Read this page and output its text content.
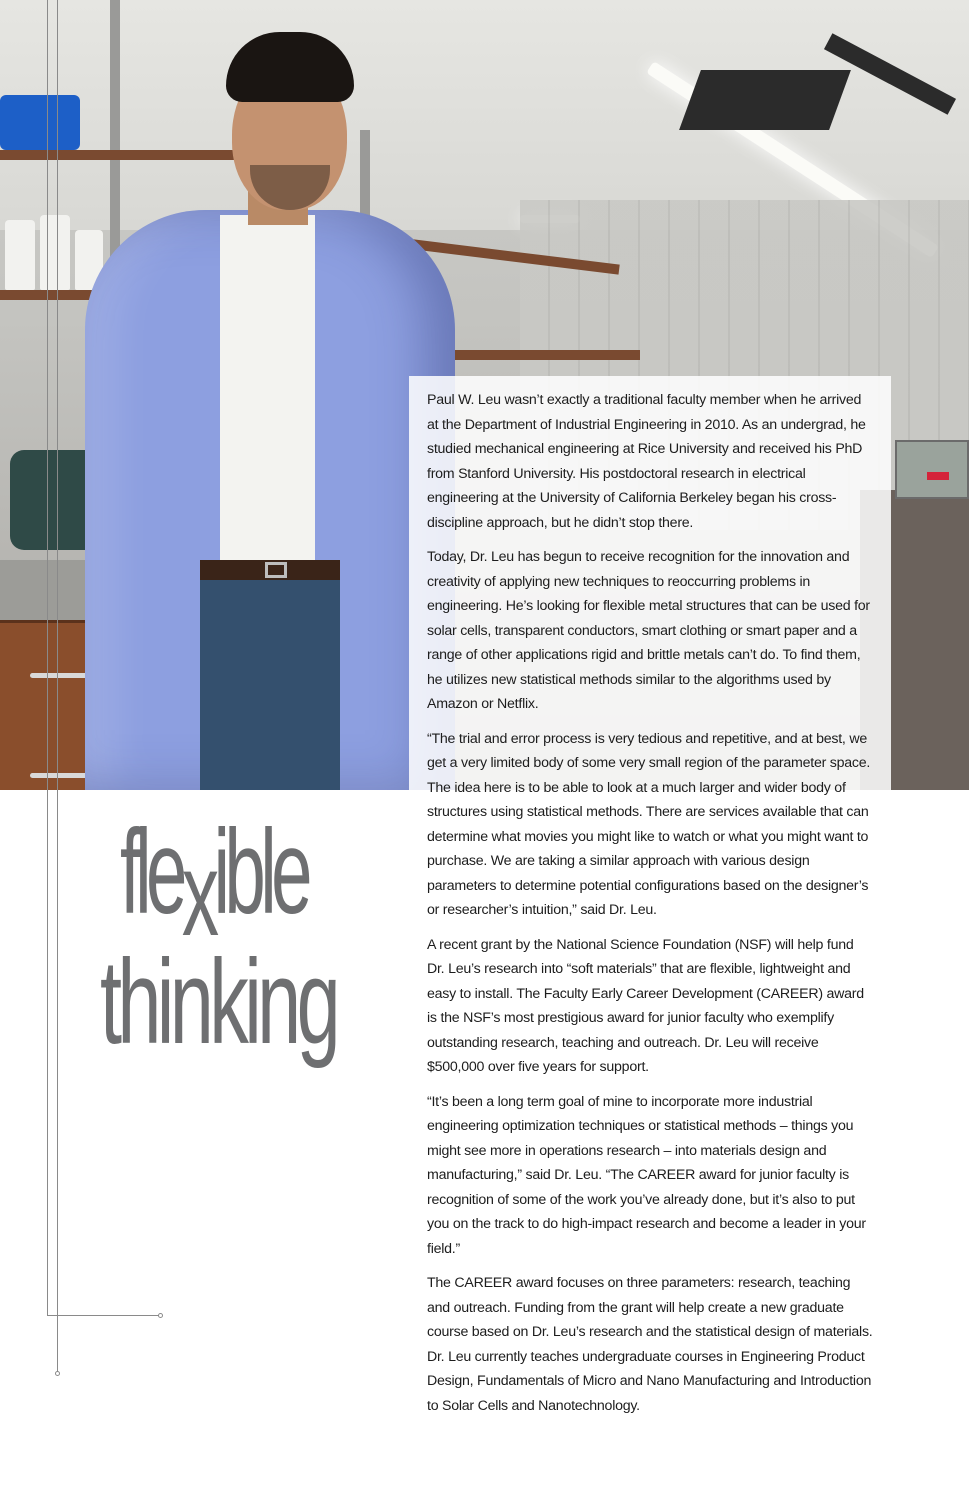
Paul W. Leu wasn’t exactly a traditional faculty member when he arrived at the Department of Industrial Engineering in 2010. As an undergrad, he studied mechanical engineering at Rice University and received his PhD from Stanford University. His postdoctoral research in electrical engineering at the University of California Berkeley began his cross-discipline approach, but he didn’t stop there.

Today, Dr. Leu has begun to receive recognition for the innovation and creativity of applying new techniques to reoccurring problems in engineering. He’s looking for flexible metal structures that can be used for solar cells, transparent conductors, smart clothing or smart paper and a range of other applications rigid and brittle metals can’t do. To find them, he utilizes new statistical methods similar to the algorithms used by Amazon or Netflix.

“The trial and error process is very tedious and repetitive, and at best, we get a very limited body of some very small region of the parameter space. The idea here is to be able to look at a much larger and wider body of structures using statistical methods. There are services available that can determine what movies you might like to watch or what you might want to purchase. We are taking a similar approach with various design parameters to determine potential configurations based on the designer’s or researcher’s intuition,” said Dr. Leu.

A recent grant by the National Science Foundation (NSF) will help fund Dr. Leu’s research into “soft materials” that are flexible, lightweight and easy to install. The Faculty Early Career Development (CAREER) award is the NSF’s most prestigious award for junior faculty who exemplify outstanding research, teaching and outreach. Dr. Leu will receive $500,000 over five years for support.

“It’s been a long term goal of mine to incorporate more industrial engineering optimization techniques or statistical methods – things you might see more in operations research – into materials design and manufacturing,” said Dr. Leu. “The CAREER award for junior faculty is recognition of some of the work you’ve already done, but it’s also to put you on the track to do high-impact research and become a leader in your field.”

The CAREER award focuses on three parameters: research, teaching and outreach. Funding from the grant will help create a new graduate course based on Dr. Leu’s research and the statistical design of materials. Dr. Leu currently teaches undergraduate courses in Engineering Product Design, Fundamentals of Micro and Nano Manufacturing and Introduction to Solar Cells and Nanotechnology.

flexible
thinking
